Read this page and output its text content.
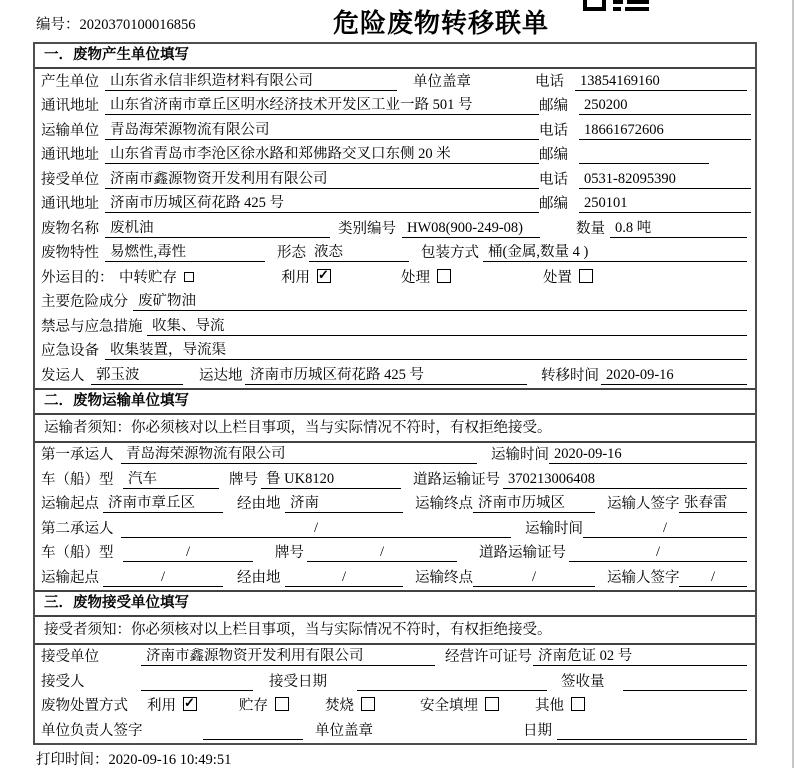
编号：2020370100016856	危险废物转移联单
一．废物产生单位填写
产生单位 山东省永信非织造材料有限公司	单位盖章	电话	13854169160
通讯地址 山东省济南市章丘区明水经济技术开发区工业一路 501 号	邮编	250200
运输单位 青岛海荣源物流有限公司	电话	18661672606
通讯地址 山东省青岛市李沧区徐水路和郑佛路交叉口东侧 20 米	邮编
接受单位 济南市鑫源物资开发利用有限公司	电话	0531-82095390
通讯地址 济南市历城区荷花路 425 号	邮编	250101
废物名称 废机油	类别编号 HW08(900-249-08)	数量 0.8 吨
废物特性 易燃性,毒性	形态 液态	包装方式 桶(金属,数量 4 )
外运目的： 中转贮存	利用 ✓	处理	处置
主要危险成分 废矿物油
禁忌与应急措施 收集、导流
应急设备 收集装置，导流渠
发运人 郭玉波	运达地 济南市历城区荷花路 425 号	转移时间 2020-09-16
二．废物运输单位填写
运输者须知：你必须核对以上栏目事项，当与实际情况不符时，有权拒绝接受。
第一承运人 青岛海荣源物流有限公司	运输时间 2020-09-16
车（船）型	汽车	牌号 鲁 UK8120	道路运输证号 370213006408
运输起点 济南市章丘区	经由地 济南	运输终点 济南市历城区	运输人签字 张春雷
第二承运人	/	运输时间	/
车（船）型	/	牌号	/	道路运输证号	/
运输起点	/	经由地	/	运输终点	/	运输人签字	/
三．废物接受单位填写
接受者须知：你必须核对以上栏目事项，当与实际情况不符时，有权拒绝接受。
接受单位	济南市鑫源物资开发利用有限公司	经营许可证号 济南危证 02 号
接受人	接受日期	签收量
废物处置方式 利用 ✓	贮存	焚烧	安全填埋	其他
单位负责人签字	单位盖章	日期
打印时间：2020-09-16 10:49:51
